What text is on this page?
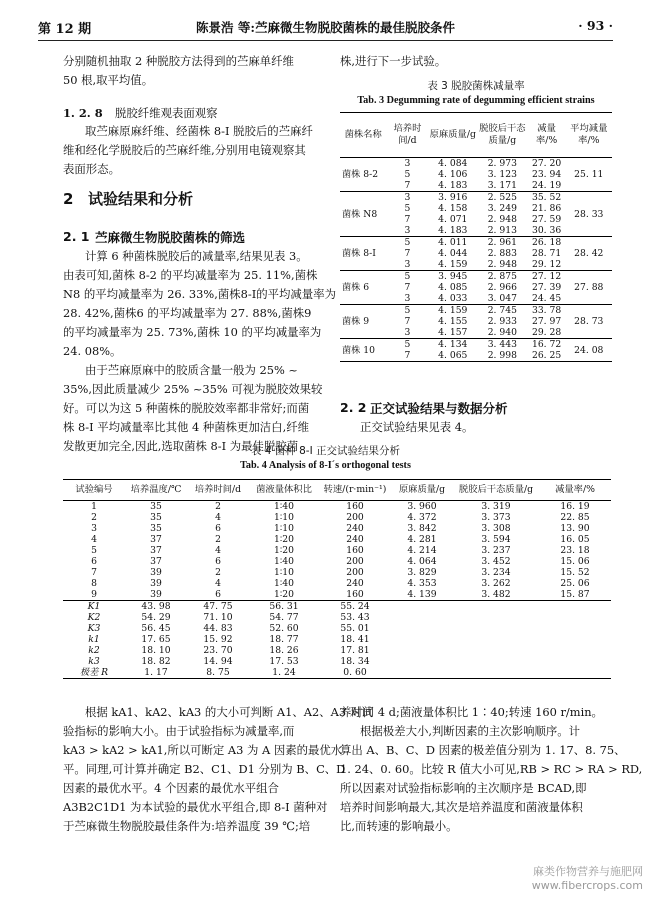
第 12 期	陈景浩 等:苎麻微生物脱胶菌株的最佳脱胶条件	· 93 ·
分别随机抽取 2 种脱胶方法得到的苎麻单纤维
50 根,取平均值。
1. 2. 8 脱胶纤维观表面观察
取苎麻原麻纤维、经菌株 8-I 脱胶后的苎麻纤
维和经化学脱胶后的苎麻纤维,分别用电镜观察其
表面形态。
2 试验结果和分析
2. 1 苎麻微生物脱胶菌株的筛选
计算 6 种菌株脱胶后的减量率,结果见表 3。
由表可知,菌株 8-2 的平均减量率为 25. 11%,菌株
N8 的平均减量率为 26. 33%,菌株8-I的平均减量率为
28. 42%,菌株6 的平均减量率为 27. 88%,菌株9
的平均减量率为 25. 73%,菌株 10 的平均减量率为
24. 08%。
由于苎麻原麻中的胶质含量一般为 25% ~
35%,因此质量减少 25% ~35% 可视为脱胶效果较
好。可以为这 5 种菌株的脱胶效率都非常好;而菌
株 8-I 平均减量率比其他 4 种菌株更加洁白,纤维
发散更加完全,因此,选取菌株 8-I 为最佳脱胶菌
株,进行下一步试验。
表 3 脱胶菌株减量率
Tab. 3 Degumming rate of degumming efficient strains
菌株名称	培养时间/d	原麻质量/g	脱胶后干态质量/g	减量率/%	平均减量率/%
菌株 8-2	3	4. 084	2. 973	27. 20	25. 11
	5	4. 106	3. 123	23. 94	
	7	4. 183	3. 171	24. 19	
菌株 N8	3	3. 916	2. 525	35. 52	28. 33
	5	4. 158	3. 249	21. 86	
	7	4. 071	2. 948	27. 59	
	3	4. 183	2. 913	30. 36	
菌株 8-I	5	4. 011	2. 961	26. 18	28. 42
	7	4. 044	2. 883	28. 71	
	3	4. 159	2. 948	29. 12	
菌株 6	5	3. 945	2. 875	27. 12	27. 88
	7	4. 085	2. 966	27. 39	
	3	4. 033	3. 047	24. 45	
菌株 9	5	4. 159	2. 745	33. 78	28. 73
	7	4. 155	2. 933	27. 97	
	3	4. 157	2. 940	29. 28	
菌株 10	5	4. 134	3. 443	16. 72	24. 08
	7	4. 065	2. 998	26. 25	
2. 2 正交试验结果与数据分析
正交试验结果见表 4。
表 4 菌种 8-I 正交试验结果分析
Tab. 4 Analysis of 8-I´s orthogonal tests
试验编号	培养温度/℃	培养时间/d	菌液量体积比	转速/(r·min⁻¹)	原麻质量/g	脱胶后干态质量/g	减量率/%
1	35	2	1∶40	160	3. 960	3. 319	16. 19
2	35	4	1∶10	200	4. 372	3. 373	22. 85
3	35	6	1∶10	240	3. 842	3. 308	13. 90
4	37	2	1∶20	240	4. 281	3. 594	16. 05
5	37	4	1∶20	160	4. 214	3. 237	23. 18
6	37	6	1∶40	200	4. 064	3. 452	15. 06
7	39	2	1∶10	200	3. 829	3. 234	15. 52
8	39	4	1∶40	240	4. 353	3. 262	25. 06
9	39	6	1∶20	160	4. 139	3. 482	15. 87
K1	43. 98	47. 75	56. 31	55. 24			
K2	54. 29	71. 10	54. 77	53. 43			
K3	56. 45	44. 83	52. 60	55. 01			
k1	17. 65	15. 92	18. 77	18. 41			
k2	18. 10	23. 70	18. 26	17. 81			
k3	18. 82	14. 94	17. 53	18. 34			
极差 R	1. 17	8. 75	1. 24	0. 60			
根据 kA1、kA2、kA3 的大小可判断 A1、A2、A3 对试
验指标的影响大小。由于试验指标为减量率,而
kA3 > kA2 > kA1,所以可断定 A3 为 A 因素的最优水
平。同理,可计算并确定 B2、C1、D1 分别为 B、C、D
因素的最优水平。4 个因素的最优水平组合
A3B2C1D1 为本试验的最优水平组合,即 8-I 菌种对
于苎麻微生物脱胶最佳条件为:培养温度 39 ℃;培
养时间 4 d;菌液量体积比 1∶40;转速 160 r/min。
根据极差大小,判断因素的主次影响顺序。计
算出 A、B、C、D 因素的极差值分别为 1. 17、8. 75、
1. 24、0. 60。比较 R 值大小可见,RB > RC > RA > RD,
所以因素对试验指标影响的主次顺序是 BCAD,即
培养时间影响最大,其次是培养温度和菌液量体积
比,而转速的影响最小。
麻类作物营养与施肥网
www.fibercrops.com
